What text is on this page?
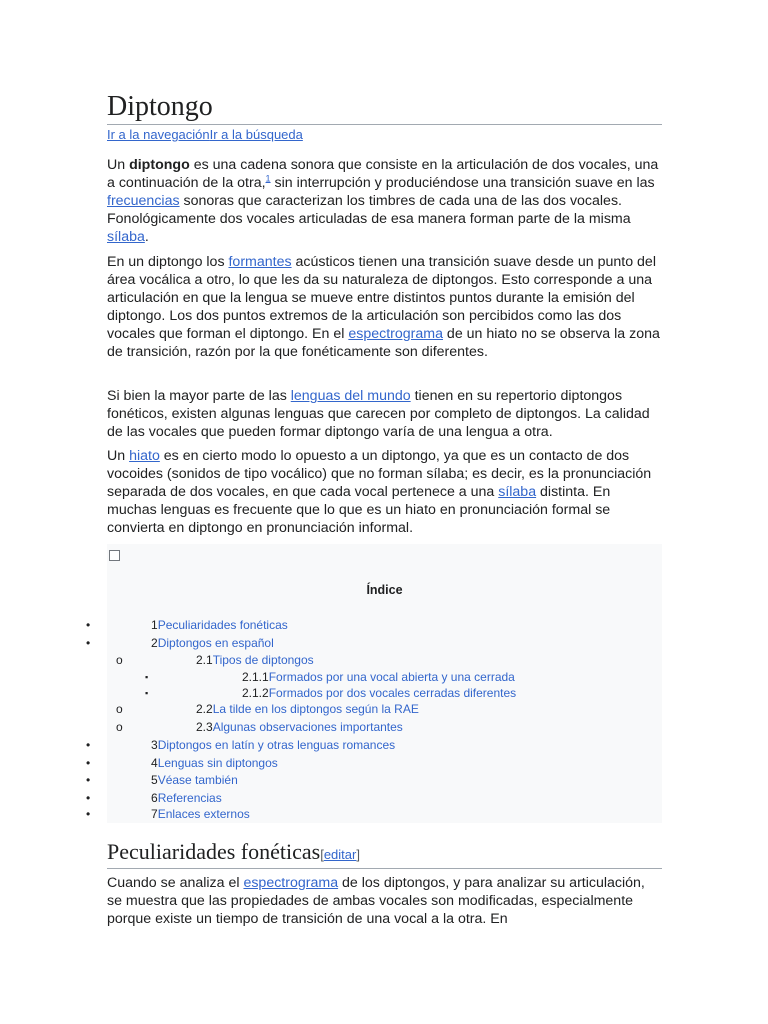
Diptongo
Ir a la navegaciónIr a la búsqueda

Un diptongo es una cadena sonora que consiste en la articulación de dos vocales, una a continuación de la otra,$^1$ sin interrupción y produciéndose una transición suave en las frecuencias sonoras que caracterizan los timbres de cada una de las dos vocales. Fonológicamente dos vocales articuladas de esa manera forman parte de la misma sílaba.

En un diptongo los formantes acústicos tienen una transición suave desde un punto del área vocálica a otro, lo que les da su naturaleza de diptongos. Esto corresponde a una articulación en que la lengua se mueve entre distintos puntos durante la emisión del diptongo. Los dos puntos extremos de la articulación son percibidos como las dos vocales que forman el diptongo. En el espectrograma de un hiato no se observa la zona de transición, razón por la que fonéticamente son diferentes.

Si bien la mayor parte de las lenguas del mundo tienen en su repertorio diptongos fonéticos, existen algunas lenguas que carecen por completo de diptongos. La calidad de las vocales que pueden formar diptongo varía de una lengua a otra.

Un hiato es en cierto modo lo opuesto a un diptongo, ya que es un contacto de dos vocoides (sonidos de tipo vocálico) que no forman sílaba; es decir, es la pronunciación separada de dos vocales, en que cada vocal pertenece a una sílaba distinta. En muchas lenguas es frecuente que lo que es un hiato en pronunciación formal se convierta en diptongo en pronunciación informal.

Peculiaridades fonéticas[editar]

Cuando se analiza el espectrograma de los diptongos, y para analizar su articulación, se muestra que las propiedades de ambas vocales son modificadas, especialmente porque existe un tiempo de transición de una vocal a la otra. En

Índice
•	1Peculiaridades fonéticas
•	2Diptongos en español
o	2.1Tipos de diptongos
▪	2.1.1Formados por una vocal abierta y una cerrada
▪	2.1.2Formados por dos vocales cerradas diferentes
o	2.2La tilde en los diptongos según la RAE
o	2.3Algunas observaciones importantes
•	3Diptongos en latín y otras lenguas romances
•	4Lenguas sin diptongos
•	5Véase también
•	6Referencias
•	7Enlaces externos
